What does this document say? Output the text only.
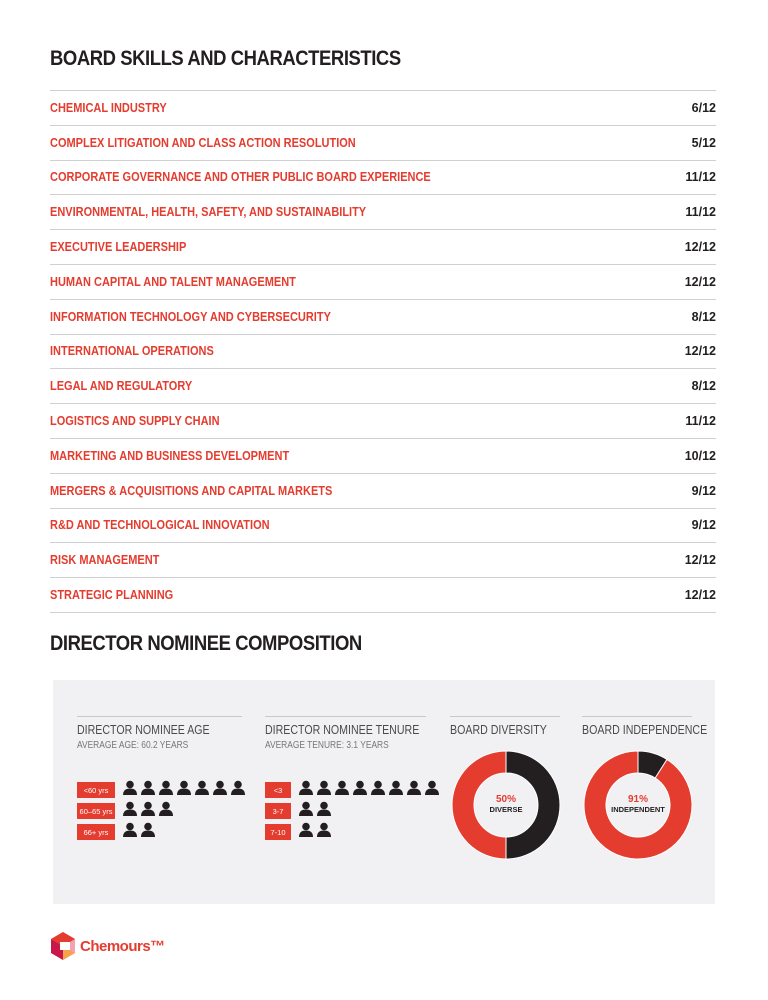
BOARD SKILLS AND CHARACTERISTICS
CHEMICAL INDUSTRY	6/12
COMPLEX LITIGATION AND CLASS ACTION RESOLUTION	5/12
CORPORATE GOVERNANCE AND OTHER PUBLIC BOARD EXPERIENCE	11/12
ENVIRONMENTAL, HEALTH, SAFETY, AND SUSTAINABILITY	11/12
EXECUTIVE LEADERSHIP	12/12
HUMAN CAPITAL AND TALENT MANAGEMENT	12/12
INFORMATION TECHNOLOGY AND CYBERSECURITY	8/12
INTERNATIONAL OPERATIONS	12/12
LEGAL AND REGULATORY	8/12
LOGISTICS AND SUPPLY CHAIN	11/12
MARKETING AND BUSINESS DEVELOPMENT	10/12
MERGERS & ACQUISITIONS AND CAPITAL MARKETS	9/12
R&D AND TECHNOLOGICAL INNOVATION	9/12
RISK MANAGEMENT	12/12
STRATEGIC PLANNING	12/12
DIRECTOR NOMINEE COMPOSITION
DIRECTOR NOMINEE AGE
AVERAGE AGE: 60.2 YEARS
<60 yrs
60–65 yrs
66+ yrs
DIRECTOR NOMINEE TENURE
AVERAGE TENURE: 3.1 YEARS
<3
3-7
7-10
BOARD DIVERSITY
50%
DIVERSE
BOARD INDEPENDENCE
91%
INDEPENDENT
Chemours™
